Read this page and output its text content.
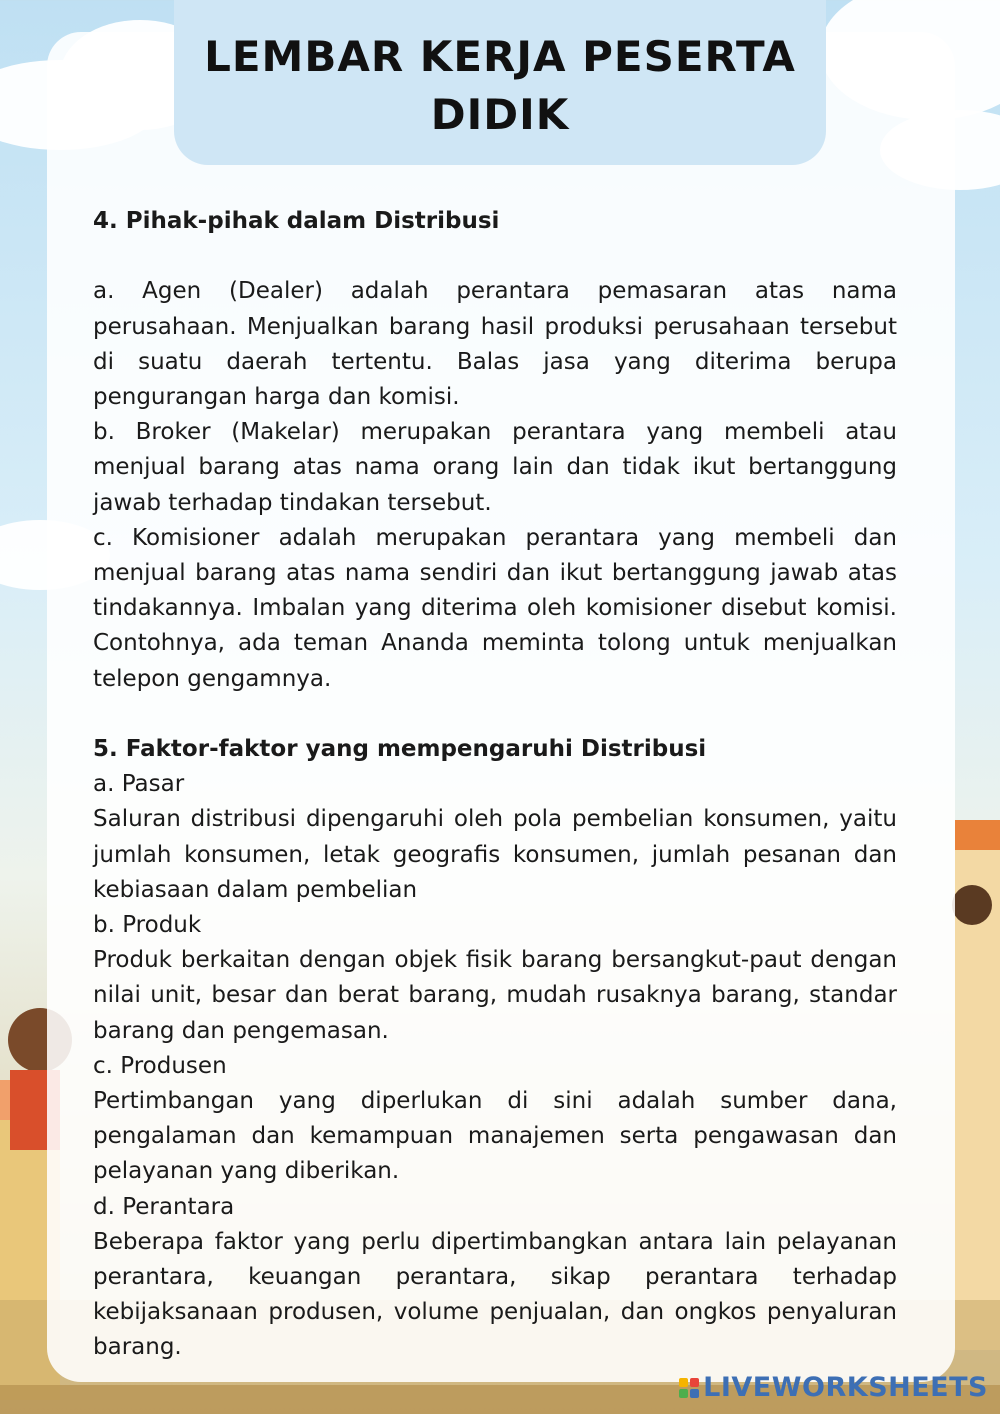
LEMBAR KERJA PESERTA DIDIK

4. Pihak-pihak dalam Distribusi

a. Agen (Dealer) adalah perantara pemasaran atas nama perusahaan. Menjualkan barang hasil produksi perusahaan tersebut di suatu daerah tertentu. Balas jasa yang diterima berupa pengurangan harga dan komisi.

b. Broker (Makelar) merupakan perantara yang membeli atau menjual barang atas nama orang lain dan tidak ikut bertanggung jawab terhadap tindakan tersebut.

c. Komisioner adalah merupakan perantara yang membeli dan menjual barang atas nama sendiri dan ikut bertanggung jawab atas tindakannya. Imbalan yang diterima oleh komisioner disebut komisi. Contohnya, ada teman Ananda meminta tolong untuk menjualkan telepon gengamnya.

5. Faktor-faktor yang mempengaruhi Distribusi

a. Pasar

Saluran distribusi dipengaruhi oleh pola pembelian konsumen, yaitu jumlah konsumen, letak geografis konsumen, jumlah pesanan dan kebiasaan dalam pembelian

b. Produk

Produk berkaitan dengan objek fisik barang bersangkut-paut dengan nilai unit, besar dan berat barang, mudah rusaknya barang, standar barang dan pengemasan.

c. Produsen

Pertimbangan yang diperlukan di sini adalah sumber dana, pengalaman dan kemampuan manajemen serta pengawasan dan pelayanan yang diberikan.

d. Perantara

Beberapa faktor yang perlu dipertimbangkan antara lain pelayanan perantara, keuangan perantara, sikap perantara terhadap kebijaksanaan produsen, volume penjualan, dan ongkos penyaluran barang.

LIVEWORKSHEETS
